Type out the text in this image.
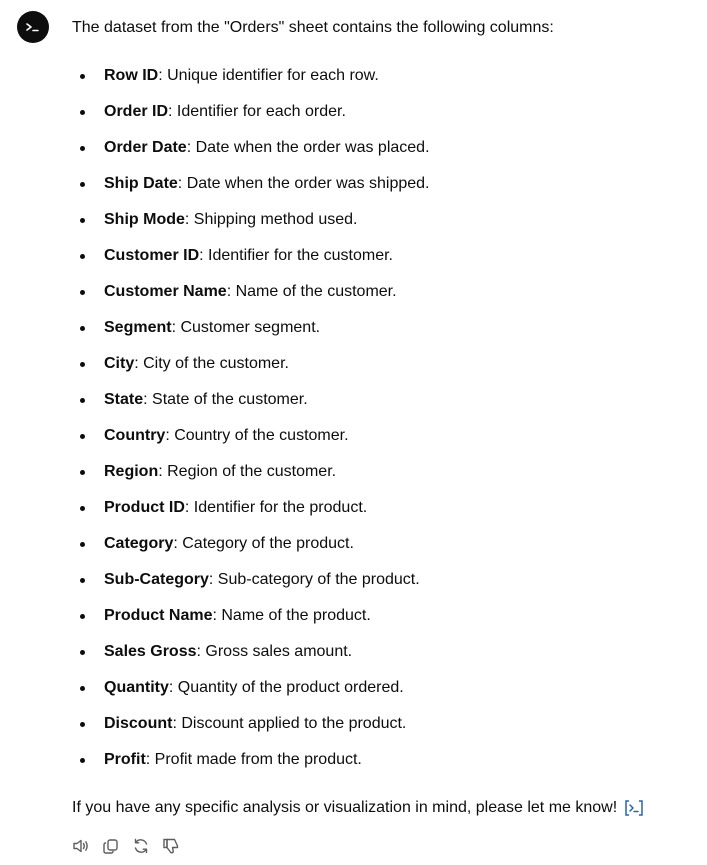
The dataset from the "Orders" sheet contains the following columns:
Row ID: Unique identifier for each row.
Order ID: Identifier for each order.
Order Date: Date when the order was placed.
Ship Date: Date when the order was shipped.
Ship Mode: Shipping method used.
Customer ID: Identifier for the customer.
Customer Name: Name of the customer.
Segment: Customer segment.
City: City of the customer.
State: State of the customer.
Country: Country of the customer.
Region: Region of the customer.
Product ID: Identifier for the product.
Category: Category of the product.
Sub-Category: Sub-category of the product.
Product Name: Name of the product.
Sales Gross: Gross sales amount.
Quantity: Quantity of the product ordered.
Discount: Discount applied to the product.
Profit: Profit made from the product.
If you have any specific analysis or visualization in mind, please let me know!
